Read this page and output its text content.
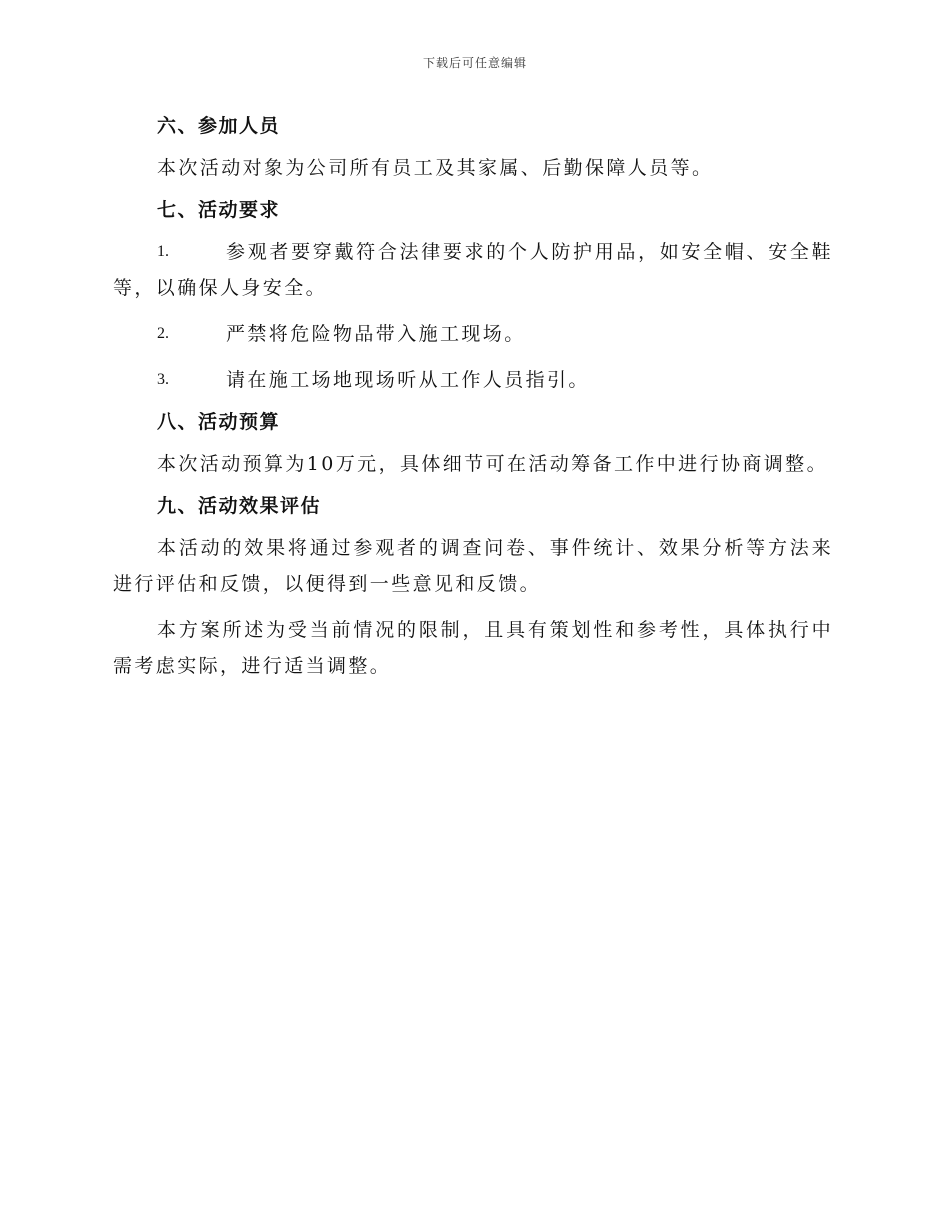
下载后可任意编辑
六、参加人员

本次活动对象为公司所有员工及其家属、后勤保障人员等。

七、活动要求

1.	参观者要穿戴符合法律要求的个人防护用品，如安全帽、安全鞋等，以确保人身安全。

2.	严禁将危险物品带入施工现场。

3.	请在施工场地现场听从工作人员指引。

八、活动预算

本次活动预算为10万元，具体细节可在活动筹备工作中进行协商调整。

九、活动效果评估

本活动的效果将通过参观者的调查问卷、事件统计、效果分析等方法来进行评估和反馈，以便得到一些意见和反馈。

本方案所述为受当前情况的限制，且具有策划性和参考性，具体执行中需考虑实际，进行适当调整。
